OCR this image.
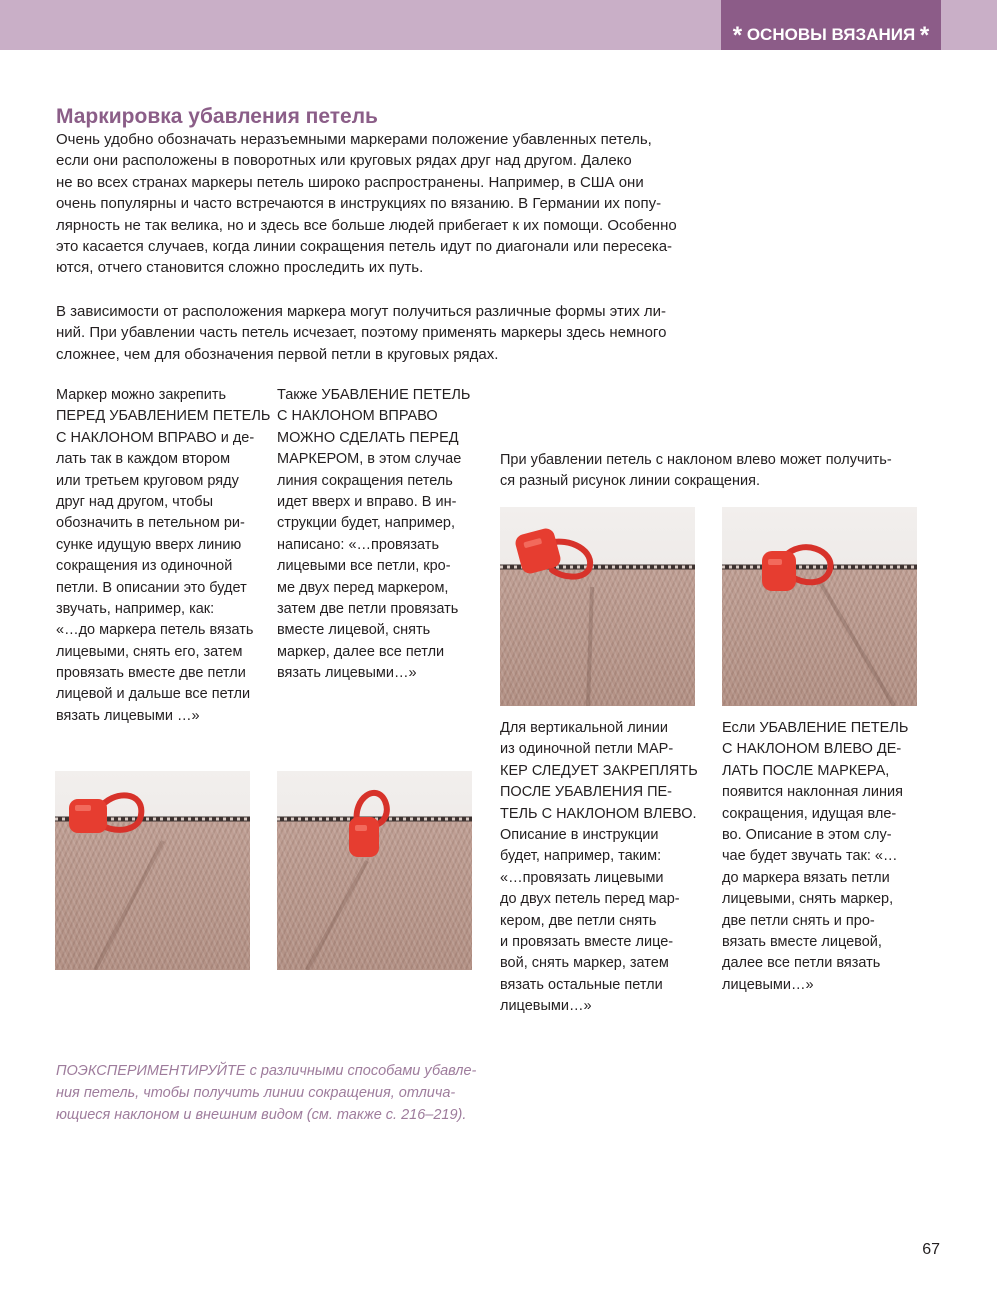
* ОСНОВЫ ВЯЗАНИЯ *
Маркировка убавления петель
Очень удобно обозначать неразъемными маркерами положение убавленных петель,
если они расположены в поворотных или круговых рядах друг над другом. Далеко
не во всех странах маркеры петель широко распространены. Например, в США они
очень популярны и часто встречаются в инструкциях по вязанию. В Германии их попу-
лярность не так велика, но и здесь все больше людей прибегает к их помощи. Особенно
это касается случаев, когда линии сокращения петель идут по диагонали или пересека-
ются, отчего становится сложно проследить их путь.
В зависимости от расположения маркера могут получиться различные формы этих ли-
ний. При убавлении часть петель исчезает, поэтому применять маркеры здесь немного
сложнее, чем для обозначения первой петли в круговых рядах.
Маркер можно закрепить
ПЕРЕД УБАВЛЕНИЕМ ПЕТЕЛЬ
С НАКЛОНОМ ВПРАВО и де-
лать так в каждом втором
или третьем круговом ряду
друг над другом, чтобы
обозначить в петельном ри-
сунке идущую вверх линию
сокращения из одиночной
петли. В описании это будет
звучать, например, как:
«…до маркера петель вязать
лицевыми, снять его, затем
провязать вместе две петли
лицевой и дальше все петли
вязать лицевыми …»
Также УБАВЛЕНИЕ ПЕТЕЛЬ
С НАКЛОНОМ ВПРАВО
МОЖНО СДЕЛАТЬ ПЕРЕД
МАРКЕРОМ, в этом случае
линия сокращения петель
идет вверх и вправо. В ин-
струкции будет, например,
написано: «…провязать
лицевыми все петли, кро-
ме двух перед маркером,
затем две петли провязать
вместе лицевой, снять
маркер, далее все петли
вязать лицевыми…»
При убавлении петель с наклоном влево может получить-
ся разный рисунок линии сокращения.
Для вертикальной линии
из одиночной петли МАР-
КЕР СЛЕДУЕТ ЗАКРЕПЛЯТЬ
ПОСЛЕ УБАВЛЕНИЯ ПЕ-
ТЕЛЬ С НАКЛОНОМ ВЛЕВО.
Описание в инструкции
будет, например, таким:
«…провязать лицевыми
до двух петель перед мар-
кером, две петли снять
и провязать вместе лице-
вой, снять маркер, затем
вязать остальные петли
лицевыми…»
Если УБАВЛЕНИЕ ПЕТЕЛЬ
С НАКЛОНОМ ВЛЕВО ДЕ-
ЛАТЬ ПОСЛЕ МАРКЕРА,
появится наклонная линия
сокращения, идущая вле-
во. Описание в этом слу-
чае будет звучать так: «…
до маркера вязать петли
лицевыми, снять маркер,
две петли снять и про-
вязать вместе лицевой,
далее все петли вязать
лицевыми…»
ПОЭКСПЕРИМЕНТИРУЙТЕ с различными способами убавле-
ния петель, чтобы получить линии сокращения, отлича-
ющиеся наклоном и внешним видом (см. также с. 216–219).
67
